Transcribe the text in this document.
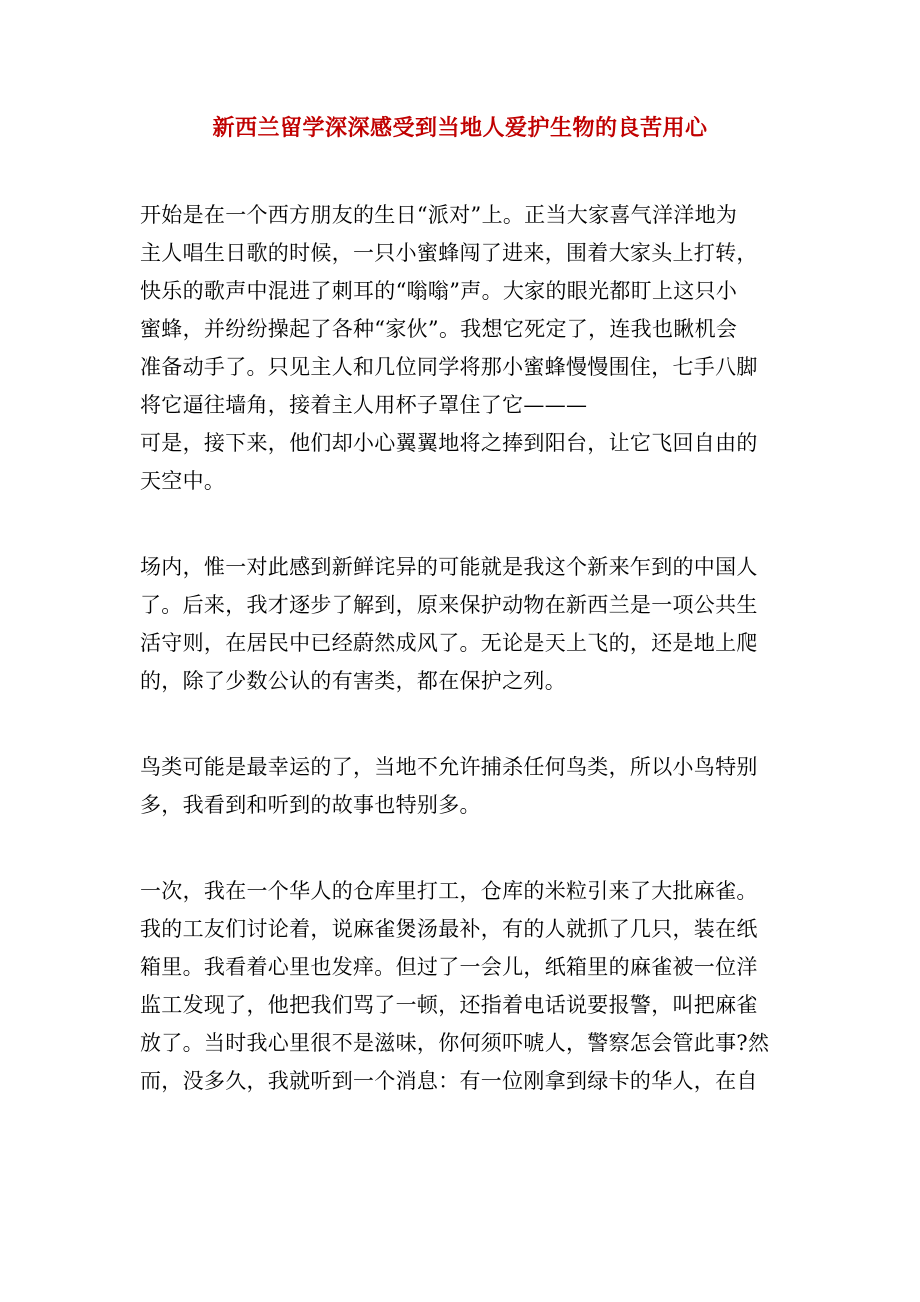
新西兰留学深深感受到当地人爱护生物的良苦用心
开始是在一个西方朋友的生日“派对”上。正当大家喜气洋洋地为
主人唱生日歌的时候，一只小蜜蜂闯了进来，围着大家头上打转，
快乐的歌声中混进了刺耳的“嗡嗡”声。大家的眼光都盯上这只小
蜜蜂，并纷纷操起了各种“家伙”。我想它死定了，连我也瞅机会
准备动手了。只见主人和几位同学将那小蜜蜂慢慢围住，七手八脚
将它逼往墙角，接着主人用杯子罩住了它———
可是，接下来，他们却小心翼翼地将之捧到阳台，让它飞回自由的
天空中。
场内，惟一对此感到新鲜诧异的可能就是我这个新来乍到的中国人
了。后来，我才逐步了解到，原来保护动物在新西兰是一项公共生
活守则，在居民中已经蔚然成风了。无论是天上飞的，还是地上爬
的，除了少数公认的有害类，都在保护之列。
鸟类可能是最幸运的了，当地不允许捕杀任何鸟类，所以小鸟特别
多，我看到和听到的故事也特别多。
一次，我在一个华人的仓库里打工，仓库的米粒引来了大批麻雀。
我的工友们讨论着，说麻雀煲汤最补，有的人就抓了几只，装在纸
箱里。我看着心里也发痒。但过了一会儿，纸箱里的麻雀被一位洋
监工发现了，他把我们骂了一顿，还指着电话说要报警，叫把麻雀
放了。当时我心里很不是滋味，你何须吓唬人，警察怎会管此事?然
而，没多久，我就听到一个消息：有一位刚拿到绿卡的华人，在自
